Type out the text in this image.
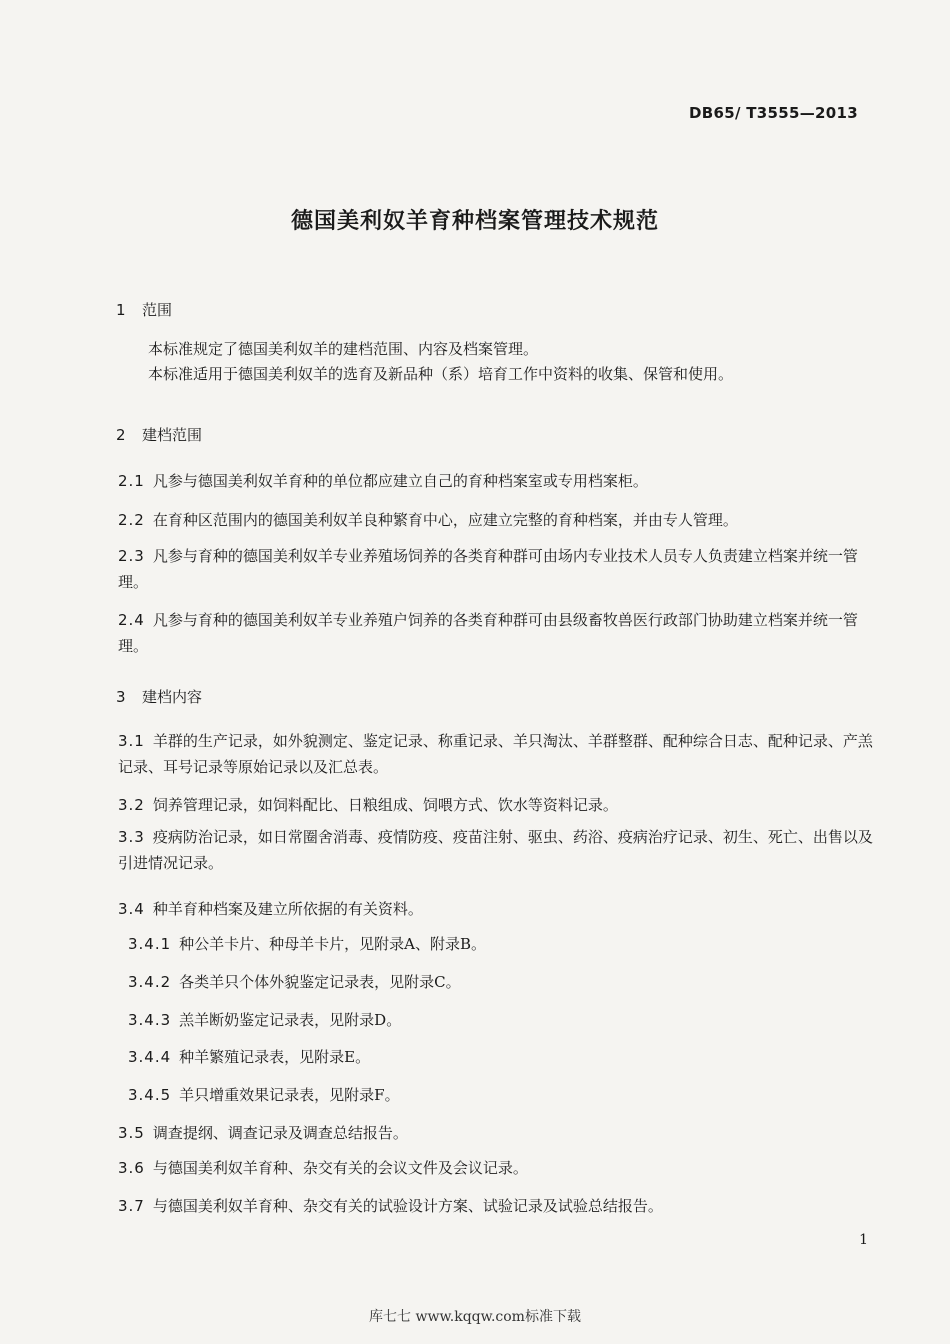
DB65/ T3555—2013
德国美利奴羊育种档案管理技术规范
1 范围
本标准规定了德国美利奴羊的建档范围、内容及档案管理。
本标准适用于德国美利奴羊的选育及新品种（系）培育工作中资料的收集、保管和使用。
2 建档范围
2.1 凡参与德国美利奴羊育种的单位都应建立自己的育种档案室或专用档案柜。
2.2 在育种区范围内的德国美利奴羊良种繁育中心，应建立完整的育种档案，并由专人管理。
2.3 凡参与育种的德国美利奴羊专业养殖场饲养的各类育种群可由场内专业技术人员专人负责建立档案并统一管理。
2.4 凡参与育种的德国美利奴羊专业养殖户饲养的各类育种群可由县级畜牧兽医行政部门协助建立档案并统一管理。
3 建档内容
3.1 羊群的生产记录，如外貌测定、鉴定记录、称重记录、羊只淘汰、羊群整群、配种综合日志、配种记录、产羔记录、耳号记录等原始记录以及汇总表。
3.2 饲养管理记录，如饲料配比、日粮组成、饲喂方式、饮水等资料记录。
3.3 疫病防治记录，如日常圈舍消毒、疫情防疫、疫苗注射、驱虫、药浴、疫病治疗记录、初生、死亡、出售以及引进情况记录。
3.4 种羊育种档案及建立所依据的有关资料。
3.4.1 种公羊卡片、种母羊卡片，见附录A、附录B。
3.4.2 各类羊只个体外貌鉴定记录表，见附录C。
3.4.3 羔羊断奶鉴定记录表，见附录D。
3.4.4 种羊繁殖记录表，见附录E。
3.4.5 羊只增重效果记录表，见附录F。
3.5 调查提纲、调查记录及调查总结报告。
3.6 与德国美利奴羊育种、杂交有关的会议文件及会议记录。
3.7 与德国美利奴羊育种、杂交有关的试验设计方案、试验记录及试验总结报告。
1
库七七 www.kqqw.com标准下载
